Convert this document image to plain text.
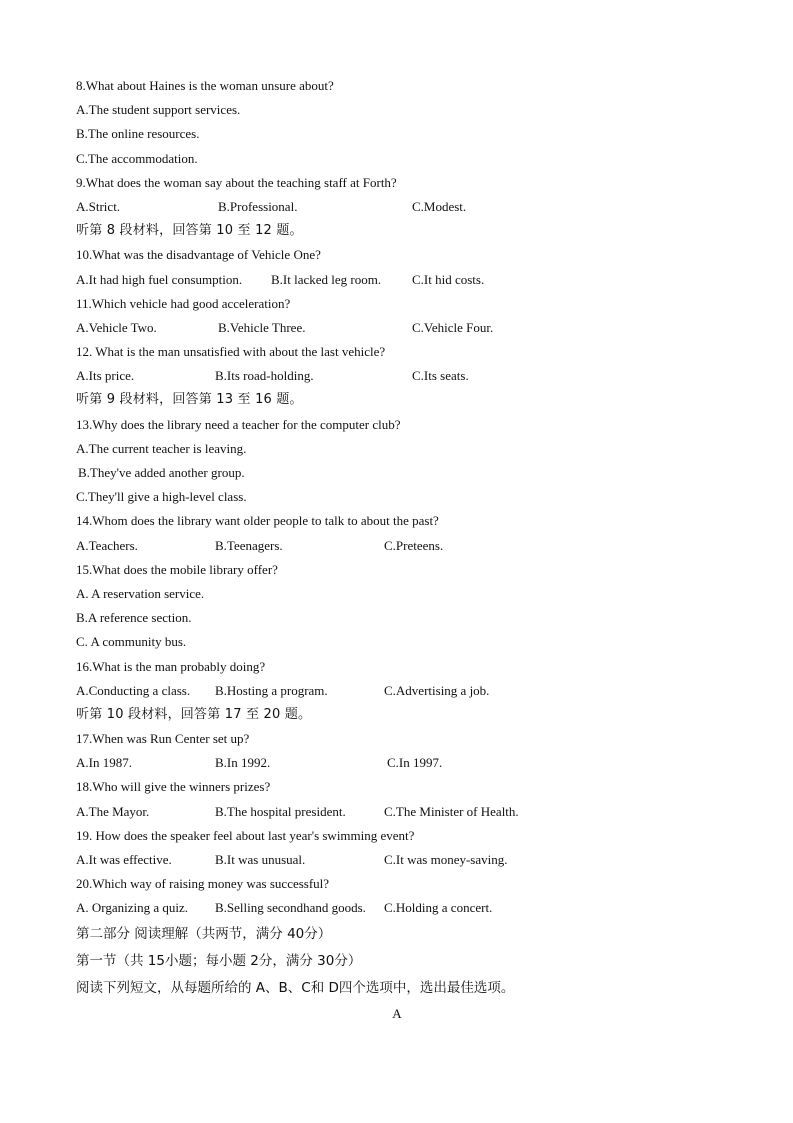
8.What about Haines is the woman unsure about?
A.The student support services.
B.The online resources.
C.The accommodation.
9.What does the woman say about the teaching staff at Forth?
A.Strict.	B.Professional.	C.Modest.
听第 8 段材料，回答第 10 至 12 题。
10.What was the disadvantage of Vehicle One?
A.It had high fuel consumption. B.It lacked leg room. C.It hid costs.
11.Which vehicle had good acceleration?
A.Vehicle Two.	B.Vehicle Three.	C.Vehicle Four.
12. What is the man unsatisfied with about the last vehicle?
A.Its price.	B.Its road-holding.	C.Its seats.
听第 9 段材料，回答第 13 至 16 题。
13.Why does the library need a teacher for the computer club?
A.The current teacher is leaving.
B.They've added another group.
C.They'll give a high-level class.
14.Whom does the library want older people to talk to about the past?
A.Teachers.	B.Teenagers.	C.Preteens.
15.What does the mobile library offer?
A. A reservation service.
B.A reference section.
C. A community bus.
16.What is the man probably doing?
A.Conducting a class. B.Hosting a program.	C.Advertising a job.
听第 10 段材料，回答第 17 至 20 题。
17.When was Run Center set up?
A.In 1987.	B.In 1992.	C.In 1997.
18.Who will give the winners prizes?
A.The Mayor.	B.The hospital president.	C.The Minister of Health.
19. How does the speaker feel about last year's swimming event?
A.It was effective.	B.It was unusual.	C.It was money-saving.
20.Which way of raising money was successful?
A. Organizing a quiz. B.Selling secondhand goods. C.Holding a concert.
第二部分 阅读理解（共两节，满分 40分）
第一节（共 15小题；每小题 2分，满分 30分）
阅读下列短文，从每题所给的 A、B、C和 D四个选项中，选出最佳选项。
A
